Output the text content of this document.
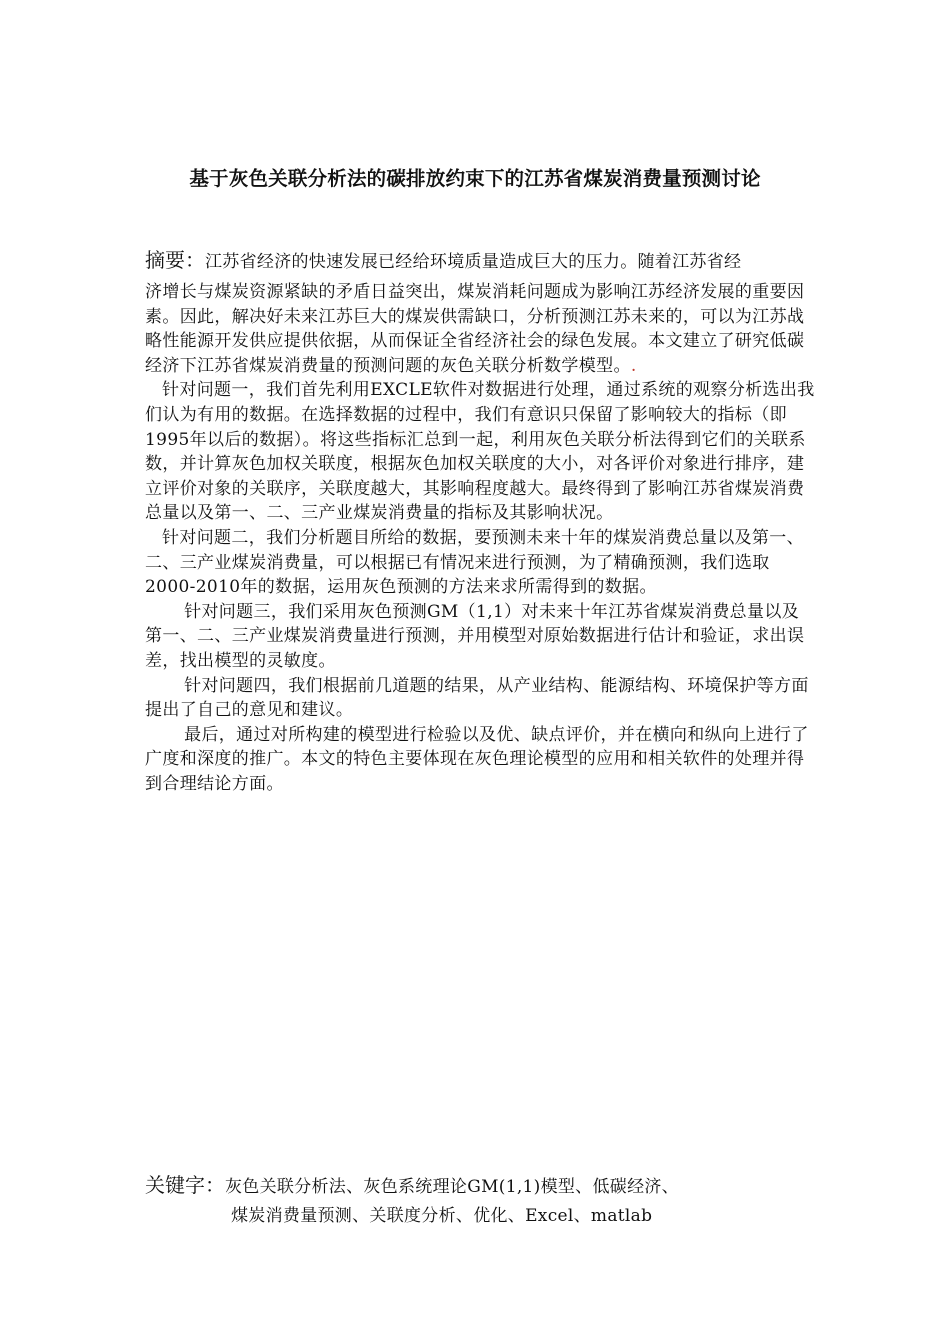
基于灰色关联分析法的碳排放约束下的江苏省煤炭消费量预测讨论
摘要：江苏省经济的快速发展已经给环境质量造成巨大的压力。随着江苏省经

济增长与煤炭资源紧缺的矛盾日益突出，煤炭消耗问题成为影响江苏经济发展的重要因素。因此，解决好未来江苏巨大的煤炭供需缺口，分析预测江苏未来的，可以为江苏战略性能源开发供应提供依据，从而保证全省经济社会的绿色发展。本文建立了研究低碳经济下江苏省煤炭消费量的预测问题的灰色关联分析数学模型。.

针对问题一，我们首先利用EXCLE软件对数据进行处理，通过系统的观察分析选出我们认为有用的数据。在选择数据的过程中，我们有意识只保留了影响较大的指标（即1995年以后的数据）。将这些指标汇总到一起，利用灰色关联分析法得到它们的关联系数，并计算灰色加权关联度，根据灰色加权关联度的大小，对各评价对象进行排序，建立评价对象的关联序，关联度越大，其影响程度越大。最终得到了影响江苏省煤炭消费总量以及第一、二、三产业煤炭消费量的指标及其影响状况。

针对问题二，我们分析题目所给的数据，要预测未来十年的煤炭消费总量以及第一、二、三产业煤炭消费量，可以根据已有情况来进行预测，为了精确预测，我们选取2000-2010年的数据，运用灰色预测的方法来求所需得到的数据。

针对问题三，我们采用灰色预测GM（1,1）对未来十年江苏省煤炭消费总量以及第一、二、三产业煤炭消费量进行预测，并用模型对原始数据进行估计和验证，求出误差，找出模型的灵敏度。

针对问题四，我们根据前几道题的结果，从产业结构、能源结构、环境保护等方面提出了自己的意见和建议。

最后，通过对所构建的模型进行检验以及优、缺点评价，并在横向和纵向上进行了广度和深度的推广。本文的特色主要体现在灰色理论模型的应用和相关软件的处理并得到合理结论方面。

关键字：灰色关联分析法、灰色系统理论GM(1,1)模型、低碳经济、
煤炭消费量预测、关联度分析、优化、Excel、matlab
